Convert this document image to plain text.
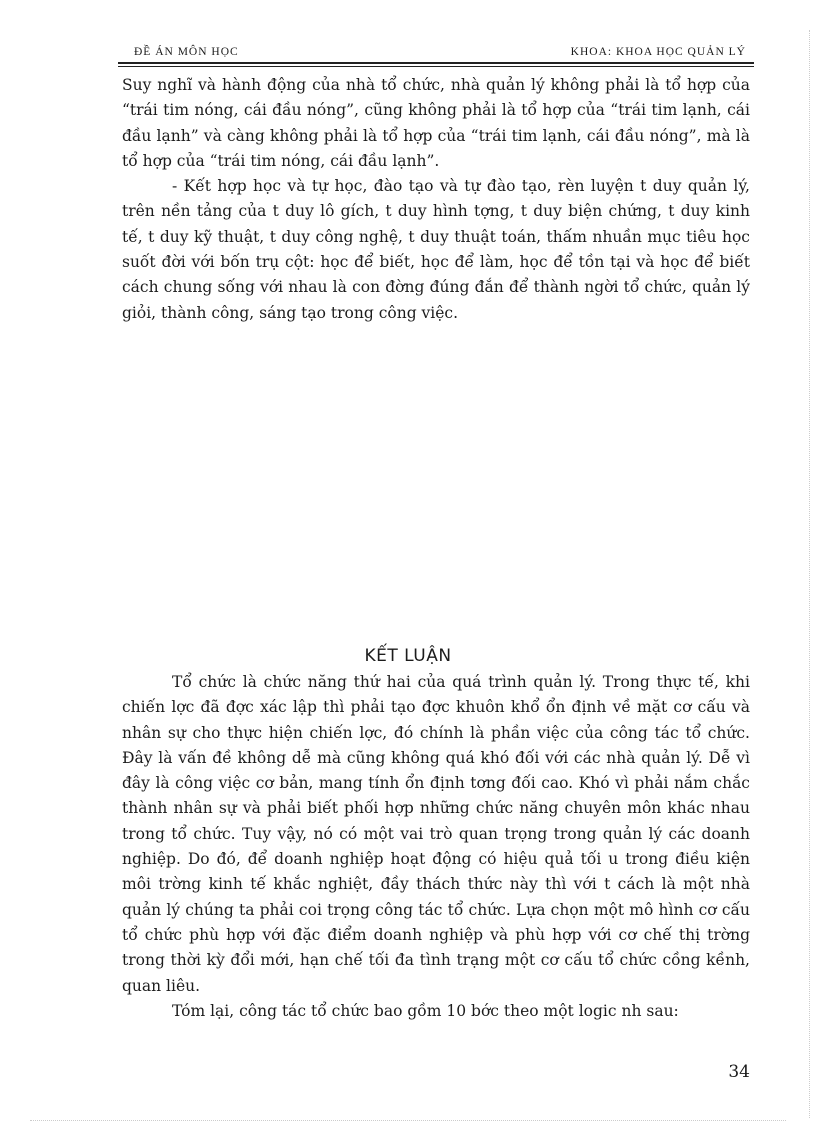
ĐỀ ÁN MÔN HỌC	KHOA: KHOA HỌC QUẢN LÝ

Suy nghĩ và hành động của nhà tổ chức, nhà quản lý không phải là tổ hợp của “trái tim nóng, cái đầu nóng”, cũng không phải là tổ hợp của “trái tim lạnh, cái đầu lạnh” và càng không phải là tổ hợp của “trái tim lạnh, cái đầu nóng”, mà là tổ hợp của “trái tim nóng, cái đầu lạnh”.

- Kết hợp học và tự học, đào tạo và tự đào tạo, rèn luyện t duy quản lý, trên nền tảng của t duy lô gích, t duy hình tợng, t duy biện chứng, t duy kinh tế, t duy kỹ thuật, t duy công nghệ, t duy thuật toán, thấm nhuần mục tiêu học suốt đời với bốn trụ cột: học để biết, học để làm, học để tồn tại và học để biết cách chung sống với nhau là con đờng đúng đắn để thành ngời tổ chức, quản lý giỏi, thành công, sáng tạo trong công việc.

KẾT LUẬN

Tổ chức là chức năng thứ hai của quá trình quản lý. Trong thực tế, khi chiến lợc đã đợc xác lập thì phải tạo đợc khuôn khổ ổn định về mặt cơ cấu và nhân sự cho thực hiện chiến lợc, đó chính là phần việc của công tác tổ chức. Đây là vấn đề không dễ mà cũng không quá khó đối với các nhà quản lý. Dễ vì đây là công việc cơ bản, mang tính ổn định tơng đối cao. Khó vì phải nắm chắc thành nhân sự và phải biết phối hợp những chức năng chuyên môn khác nhau trong tổ chức. Tuy vậy, nó có một vai trò quan trọng trong quản lý các doanh nghiệp. Do đó, để doanh nghiệp hoạt động có hiệu quả tối u trong điều kiện môi trờng kinh tế khắc nghiệt, đầy thách thức này thì với t cách là một nhà quản lý chúng ta phải coi trọng công tác tổ chức. Lựa chọn một mô hình cơ cấu tổ chức phù hợp với đặc điểm doanh nghiệp và phù hợp với cơ chế thị trờng trong thời kỳ đổi mới, hạn chế tối đa tình trạng một cơ cấu tổ chức cồng kềnh, quan liêu.

Tóm lại, công tác tổ chức bao gồm 10 bớc theo một logic nh sau:

34
